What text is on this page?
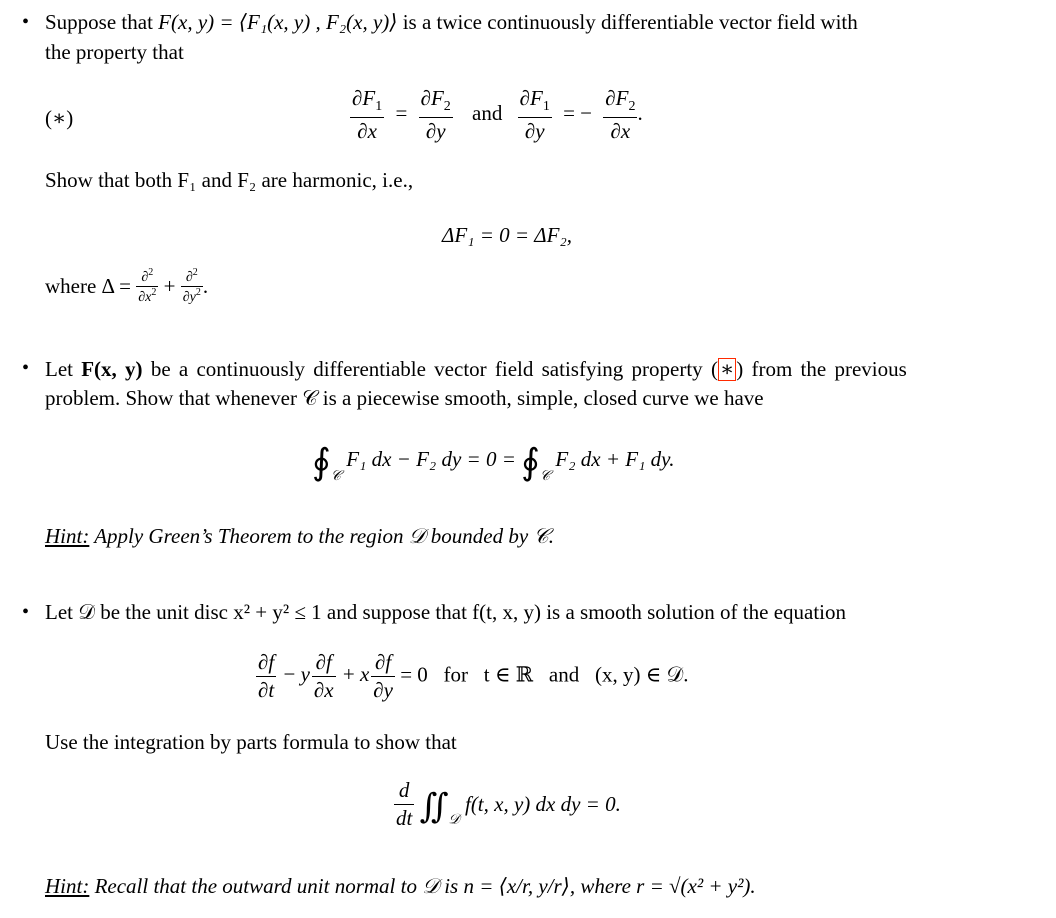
• Suppose that F(x, y) = ⟨F₁(x, y) , F₂(x, y)⟩ is a twice continuously differentiable vector field with
the property that
(∗)	$\frac{\partial F_1}{\partial x} = \frac{\partial F_2}{\partial y}$ and $\frac{\partial F_1}{\partial y}$ = − $\frac{\partial F_2}{\partial x}$ .
Show that both F₁ and F₂ are harmonic, i.e.,
ΔF₁ = 0 = ΔF₂,
where $\Delta = \frac{\partial^2}{\partial x^2} + \frac{\partial^2}{\partial y^2}$ .
• Let F(x, y) be a continuously differentiable vector field satisfying property (∗) from the previous
problem. Show that whenever 𝒞 is a piecewise smooth, simple, closed curve we have
$∮_𝒞$ F₁ dx − F₂ dy = $0 = ∮_𝒞$ F₂ dx + F₁ dy.
Hint: Apply Green’s Theorem to the region 𝒟 bounded by 𝒞.
• Let 𝒟 be the unit disc x² + y² ≤ 1 and suppose that f(t, x, y) is a smooth solution of the equation
$\frac{\partial f}{\partial t} - y \frac{\partial f}{\partial x} + x \frac{\partial f}{\partial y} = 0$   for   t ∈ ℝ   and   (x, y) ∈ 𝒟.
Use the integration by parts formula to show that
$\frac{d}{dt}$ $∬_𝒟$ f(t, x, y) dx dy = 0.
Hint: Recall that the outward unit normal to 𝒟 is n = ⟨x/r, y/r⟩, where r = √(x² + y²).
